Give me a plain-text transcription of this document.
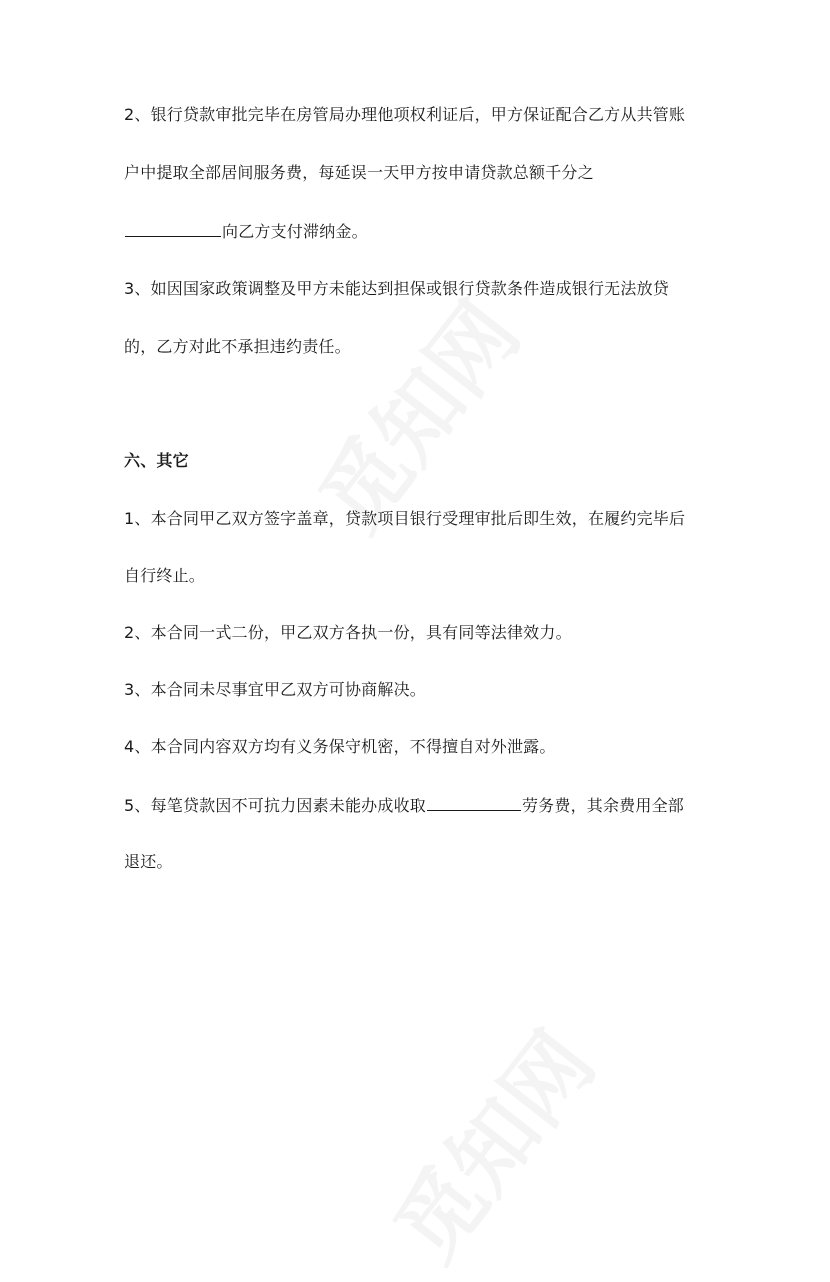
2、银行贷款审批完毕在房管局办理他项权利证后，甲方保证配合乙方从共管账
户中提取全部居间服务费，每延误一天甲方按申请贷款总额千分之
向乙方支付滞纳金。
3、如因国家政策调整及甲方未能达到担保或银行贷款条件造成银行无法放贷
的，乙方对此不承担违约责任。
六、其它
1、本合同甲乙双方签字盖章，贷款项目银行受理审批后即生效，在履约完毕后
自行终止。
2、本合同一式二份，甲乙双方各执一份，具有同等法律效力。
3、本合同未尽事宜甲乙双方可协商解决。
4、本合同内容双方均有义务保守机密，不得擅自对外泄露。
5、每笔贷款因不可抗力因素未能办成收取	劳务费，其余费用全部
退还。
